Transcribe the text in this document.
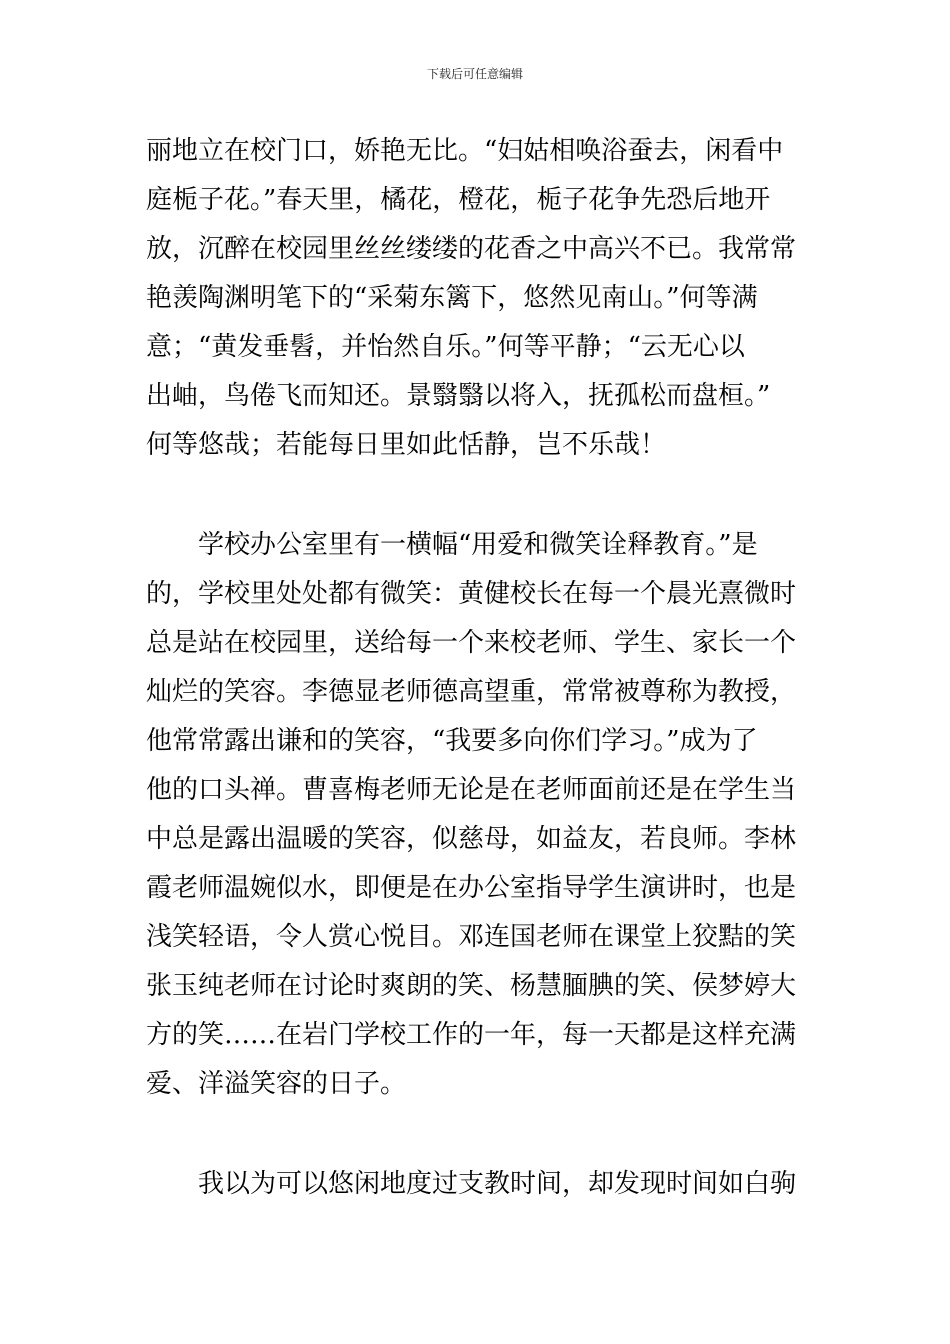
下载后可任意编辑

丽地立在校门口，娇艳无比。“妇姑相唤浴蚕去，闲看中
庭栀子花。”春天里，橘花，橙花，栀子花争先恐后地开
放，沉醉在校园里丝丝缕缕的花香之中高兴不已。我常常
艳羡陶渊明笔下的“采菊东篱下，悠然见南山。”何等满
意；“黄发垂髫，并怡然自乐。”何等平静；“云无心以
出岫，鸟倦飞而知还。景翳翳以将入，抚孤松而盘桓。”
何等悠哉；若能每日里如此恬静，岂不乐哉！

学校办公室里有一横幅“用爱和微笑诠释教育。”是
的，学校里处处都有微笑：黄健校长在每一个晨光熹微时
总是站在校园里，送给每一个来校老师、学生、家长一个
灿烂的笑容。李德显老师德高望重，常常被尊称为教授，
他常常露出谦和的笑容，“我要多向你们学习。”成为了
他的口头禅。曹喜梅老师无论是在老师面前还是在学生当
中总是露出温暖的笑容，似慈母，如益友，若良师。李林
霞老师温婉似水，即便是在办公室指导学生演讲时，也是
浅笑轻语，令人赏心悦目。邓连国老师在课堂上狡黠的笑
张玉纯老师在讨论时爽朗的笑、杨慧腼腆的笑、侯梦婷大
方的笑……在岩门学校工作的一年，每一天都是这样充满
爱、洋溢笑容的日子。

我以为可以悠闲地度过支教时间，却发现时间如白驹
